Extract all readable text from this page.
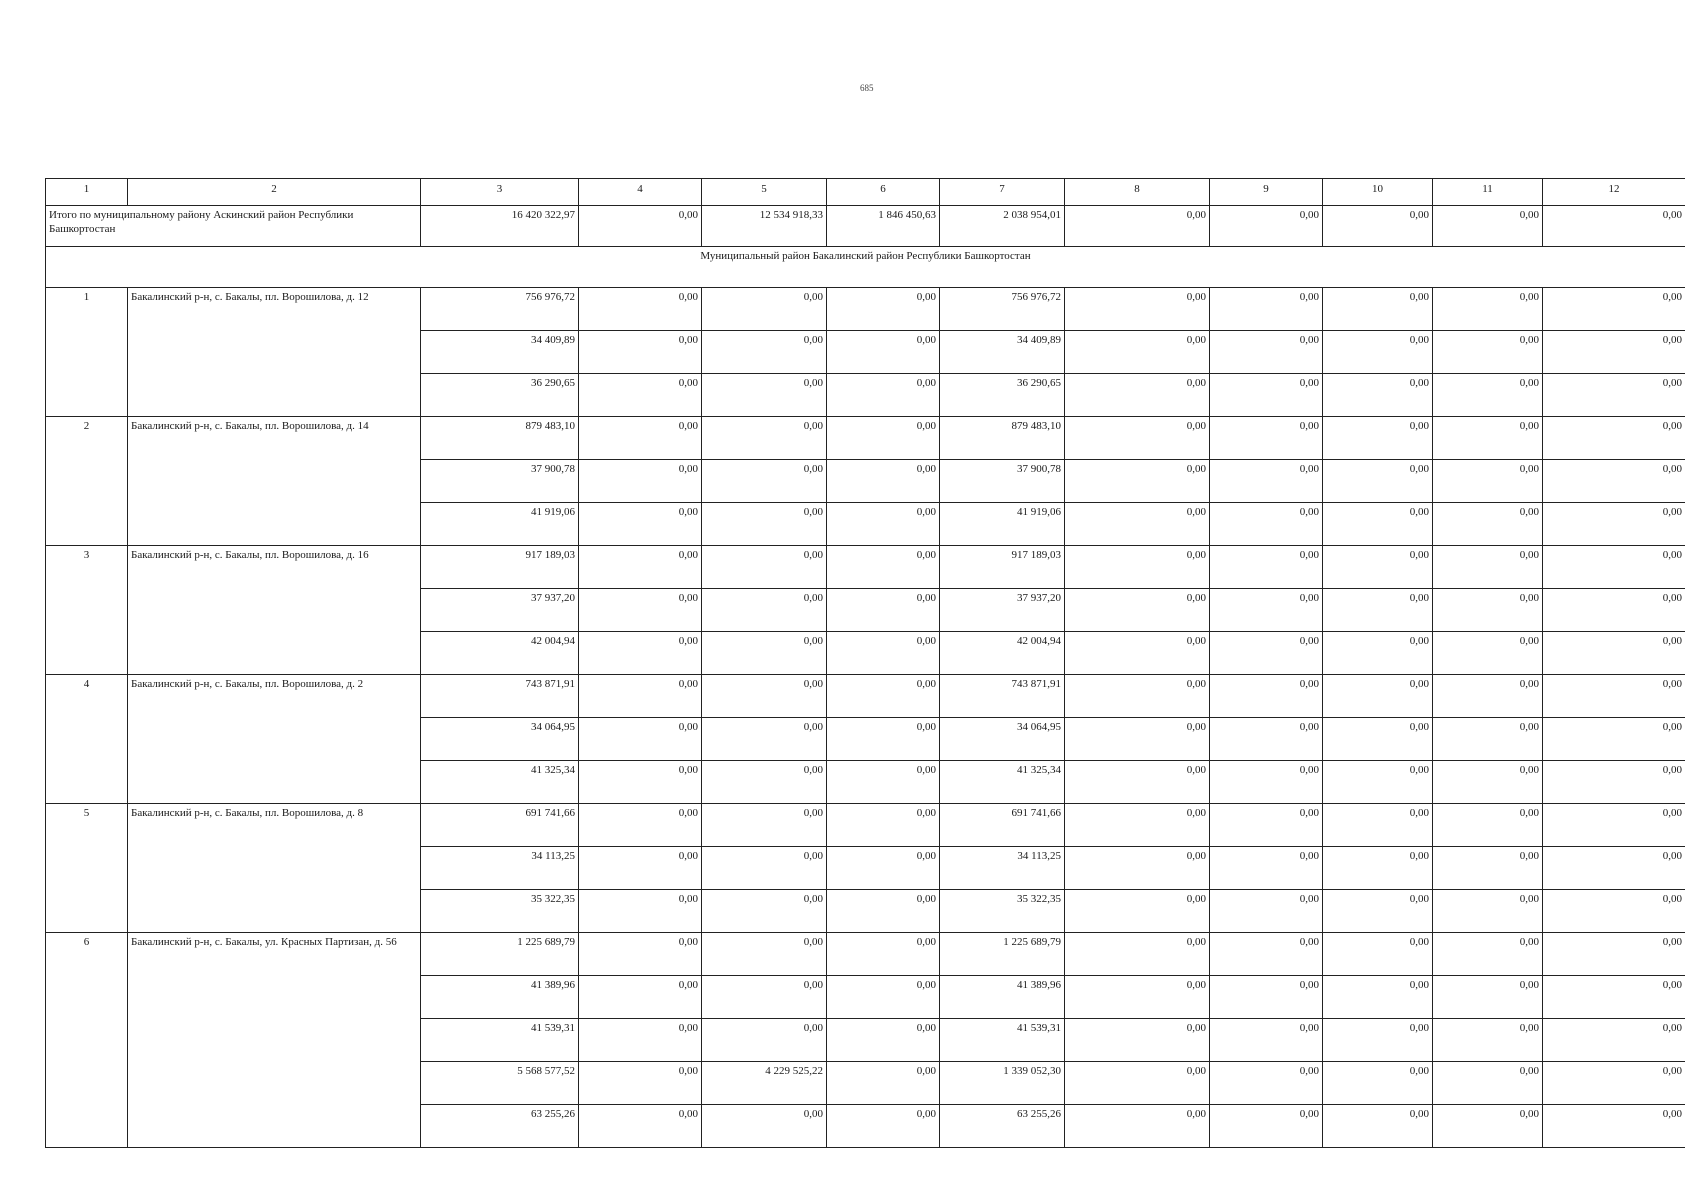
685
1	2	3	4	5	6	7	8	9	10	11	12
Итого по муниципальному району Аскинский район Республики Башкортостан		16 420 322,97	0,00	12 534 918,33	1 846 450,63	2 038 954,01	0,00	0,00	0,00	0,00	0,00
Муниципальный район Бакалинский район Республики Башкортостан											
1	Бакалинский р-н, с. Бакалы, пл. Ворошилова, д. 12	756 976,72	0,00	0,00	0,00	756 976,72	0,00	0,00	0,00	0,00	0,00
		34 409,89	0,00	0,00	0,00	34 409,89	0,00	0,00	0,00	0,00	0,00
		36 290,65	0,00	0,00	0,00	36 290,65	0,00	0,00	0,00	0,00	0,00
2	Бакалинский р-н, с. Бакалы, пл. Ворошилова, д. 14	879 483,10	0,00	0,00	0,00	879 483,10	0,00	0,00	0,00	0,00	0,00
		37 900,78	0,00	0,00	0,00	37 900,78	0,00	0,00	0,00	0,00	0,00
		41 919,06	0,00	0,00	0,00	41 919,06	0,00	0,00	0,00	0,00	0,00
3	Бакалинский р-н, с. Бакалы, пл. Ворошилова, д. 16	917 189,03	0,00	0,00	0,00	917 189,03	0,00	0,00	0,00	0,00	0,00
		37 937,20	0,00	0,00	0,00	37 937,20	0,00	0,00	0,00	0,00	0,00
		42 004,94	0,00	0,00	0,00	42 004,94	0,00	0,00	0,00	0,00	0,00
4	Бакалинский р-н, с. Бакалы, пл. Ворошилова, д. 2	743 871,91	0,00	0,00	0,00	743 871,91	0,00	0,00	0,00	0,00	0,00
		34 064,95	0,00	0,00	0,00	34 064,95	0,00	0,00	0,00	0,00	0,00
		41 325,34	0,00	0,00	0,00	41 325,34	0,00	0,00	0,00	0,00	0,00
5	Бакалинский р-н, с. Бакалы, пл. Ворошилова, д. 8	691 741,66	0,00	0,00	0,00	691 741,66	0,00	0,00	0,00	0,00	0,00
		34 113,25	0,00	0,00	0,00	34 113,25	0,00	0,00	0,00	0,00	0,00
		35 322,35	0,00	0,00	0,00	35 322,35	0,00	0,00	0,00	0,00	0,00
6	Бакалинский р-н, с. Бакалы, ул. Красных Партизан, д. 56	1 225 689,79	0,00	0,00	0,00	1 225 689,79	0,00	0,00	0,00	0,00	0,00
		41 389,96	0,00	0,00	0,00	41 389,96	0,00	0,00	0,00	0,00	0,00
		41 539,31	0,00	0,00	0,00	41 539,31	0,00	0,00	0,00	0,00	0,00
		5 568 577,52	0,00	4 229 525,22	0,00	1 339 052,30	0,00	0,00	0,00	0,00	0,00
		63 255,26	0,00	0,00	0,00	63 255,26	0,00	0,00	0,00	0,00	0,00
